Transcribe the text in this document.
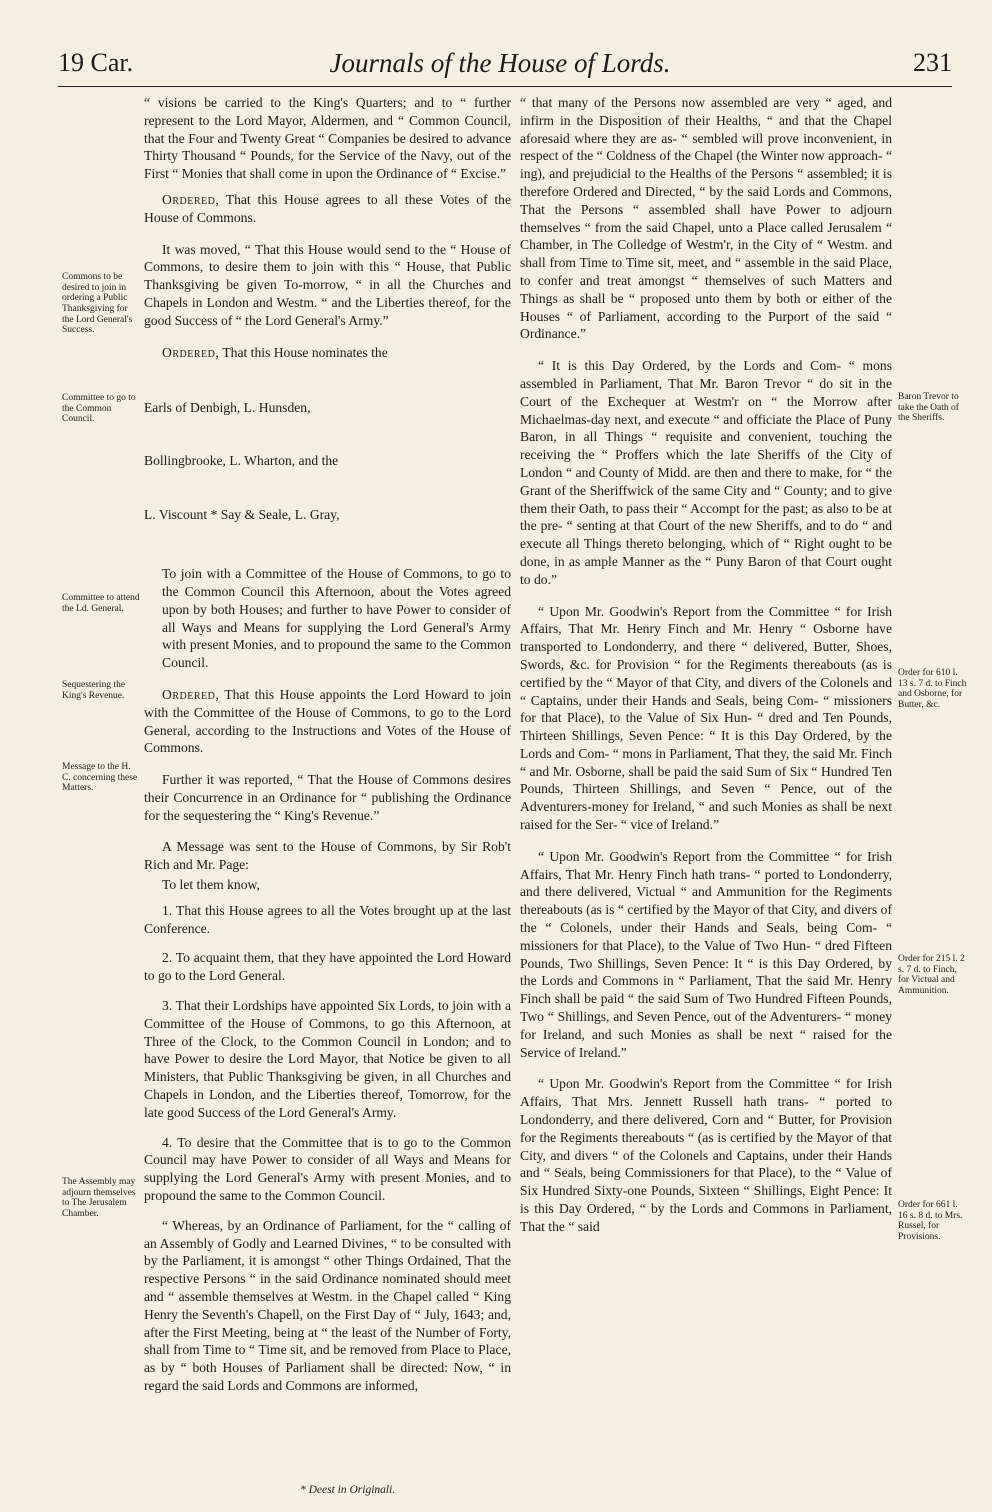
19 Car.	Journals of the House of Lords.	231
Commons to be desired to join in ordering a Public Thanksgiving for the Lord General's Success.
Committee to go to the Common Council.
Committee to attend the Ld. General.
Sequestering the King's Revenue.
Message to the H. C. concerning these Matters.
The Assembly may adjourn themselves to The Jerusalem Chamber.
Baron Trevor to take the Oath of the Sheriffs.
Order for 610 l. 13 s. 7 d. to Finch and Osborne, for Butter, &c.
Order for 215 l. 2 s. 7 d. to Finch, for Victual and Ammunition.
Order for 661 l. 16 s. 8 d. to Mrs. Russel, for Provisions.

“ visions be carried to the King's Quarters; and to “ further represent to the Lord Mayor, Aldermen, and “ Common Council, that the Four and Twenty Great “ Companies be desired to advance Thirty Thousand “ Pounds, for the Service of the Navy, out of the First “ Monies that shall come in upon the Ordinance of “ Excise.”

Ordered, That this House agrees to all these Votes of the House of Commons.

It was moved, “ That this House would send to the “ House of Commons, to desire them to join with this “ House, that Public Thanksgiving be given To-morrow, “ in all the Churches and Chapels in London and Westm. “ and the Liberties thereof, for the good Success of “ the Lord General's Army.”

Ordered, That this House nominates the

Earls of Denbigh, L. Hunsden,

Bollingbrooke, L. Wharton, and the

L. Viscount * Say & Seale, L. Gray,

To join with a Committee of the House of Commons, to go to the Common Council this Afternoon, about the Votes agreed upon by both Houses; and further to have Power to consider of all Ways and Means for supplying the Lord General's Army with present Monies, and to propound the same to the Common Council.

Ordered, That this House appoints the Lord Howard to join with the Committee of the House of Commons, to go to the Lord General, according to the Instructions and Votes of the House of Commons.

Further it was reported, “ That the House of Commons desires their Concurrence in an Ordinance for “ publishing the Ordinance for the sequestering the “ King's Revenue.”

A Message was sent to the House of Commons, by Sir Rob't Rich and Mr. Page:

To let them know,

1. That this House agrees to all the Votes brought up at the last Conference.

2. To acquaint them, that they have appointed the Lord Howard to go to the Lord General.

3. That their Lordships have appointed Six Lords, to join with a Committee of the House of Commons, to go this Afternoon, at Three of the Clock, to the Common Council in London; and to have Power to desire the Lord Mayor, that Notice be given to all Ministers, that Public Thanksgiving be given, in all Churches and Chapels in London, and the Liberties thereof, Tomorrow, for the late good Success of the Lord General's Army.

4. To desire that the Committee that is to go to the Common Council may have Power to consider of all Ways and Means for supplying the Lord General's Army with present Monies, and to propound the same to the Common Council.

“ Whereas, by an Ordinance of Parliament, for the “ calling of an Assembly of Godly and Learned Divines, “ to be consulted with by the Parliament, it is amongst “ other Things Ordained, That the respective Persons “ in the said Ordinance nominated should meet and “ assemble themselves at Westm. in the Chapel called “ King Henry the Seventh's Chapell, on the First Day of “ July, 1643; and, after the First Meeting, being at “ the least of the Number of Forty, shall from Time to “ Time sit, and be removed from Place to Place, as by “ both Houses of Parliament shall be directed: Now, “ in regard the said Lords and Commons are informed,

“ that many of the Persons now assembled are very “ aged, and infirm in the Disposition of their Healths, “ and that the Chapel aforesaid where they are as- “ sembled will prove inconvenient, in respect of the “ Coldness of the Chapel (the Winter now approach- “ ing), and prejudicial to the Healths of the Persons “ assembled; it is therefore Ordered and Directed, “ by the said Lords and Commons, That the Persons “ assembled shall have Power to adjourn themselves “ from the said Chapel, unto a Place called Jerusalem “ Chamber, in The Colledge of Westm'r, in the City of “ Westm. and shall from Time to Time sit, meet, and “ assemble in the said Place, to confer and treat amongst “ themselves of such Matters and Things as shall be “ proposed unto them by both or either of the Houses “ of Parliament, according to the Purport of the said “ Ordinance.”

“ It is this Day Ordered, by the Lords and Com- “ mons assembled in Parliament, That Mr. Baron Trevor “ do sit in the Court of the Exchequer at Westm'r on “ the Morrow after Michaelmas-day next, and execute “ and officiate the Place of Puny Baron, in all Things “ requisite and convenient, touching the receiving the “ Proffers which the late Sheriffs of the City of London “ and County of Midd. are then and there to make, for “ the Grant of the Sheriffwick of the same City and “ County; and to give them their Oath, to pass their “ Accompt for the past; as also to be at the pre- “ senting at that Court of the new Sheriffs, and to do “ and execute all Things thereto belonging, which of “ Right ought to be done, in as ample Manner as the “ Puny Baron of that Court ought to do.”

“ Upon Mr. Goodwin's Report from the Committee “ for Irish Affairs, That Mr. Henry Finch and Mr. Henry “ Osborne have transported to Londonderry, and there “ delivered, Butter, Shoes, Swords, &c. for Provision “ for the Regiments thereabouts (as is certified by the “ Mayor of that City, and divers of the Colonels and “ Captains, under their Hands and Seals, being Com- “ missioners for that Place), to the Value of Six Hun- “ dred and Ten Pounds, Thirteen Shillings, Seven Pence: “ It is this Day Ordered, by the Lords and Com- “ mons in Parliament, That they, the said Mr. Finch “ and Mr. Osborne, shall be paid the said Sum of Six “ Hundred Ten Pounds, Thirteen Shillings, and Seven “ Pence, out of the Adventurers-money for Ireland, “ and such Monies as shall be next raised for the Ser- “ vice of Ireland.”

“ Upon Mr. Goodwin's Report from the Committee “ for Irish Affairs, That Mr. Henry Finch hath trans- “ ported to Londonderry, and there delivered, Victual “ and Ammunition for the Regiments thereabouts (as is “ certified by the Mayor of that City, and divers of the “ Colonels, under their Hands and Seals, being Com- “ missioners for that Place), to the Value of Two Hun- “ dred Fifteen Pounds, Two Shillings, Seven Pence: It “ is this Day Ordered, by the Lords and Commons in “ Parliament, That the said Mr. Henry Finch shall be paid “ the said Sum of Two Hundred Fifteen Pounds, Two “ Shillings, and Seven Pence, out of the Adventurers- “ money for Ireland, and such Monies as shall be next “ raised for the Service of Ireland.”

“ Upon Mr. Goodwin's Report from the Committee “ for Irish Affairs, That Mrs. Jennett Russell hath trans- “ ported to Londonderry, and there delivered, Corn and “ Butter, for Provision for the Regiments thereabouts “ (as is certified by the Mayor of that City, and divers “ of the Colonels and Captains, under their Hands and “ Seals, being Commissioners for that Place), to the “ Value of Six Hundred Sixty-one Pounds, Sixteen “ Shillings, Eight Pence: It is this Day Ordered, “ by the Lords and Commons in Parliament, That the “ said

* Deest in Originali.
